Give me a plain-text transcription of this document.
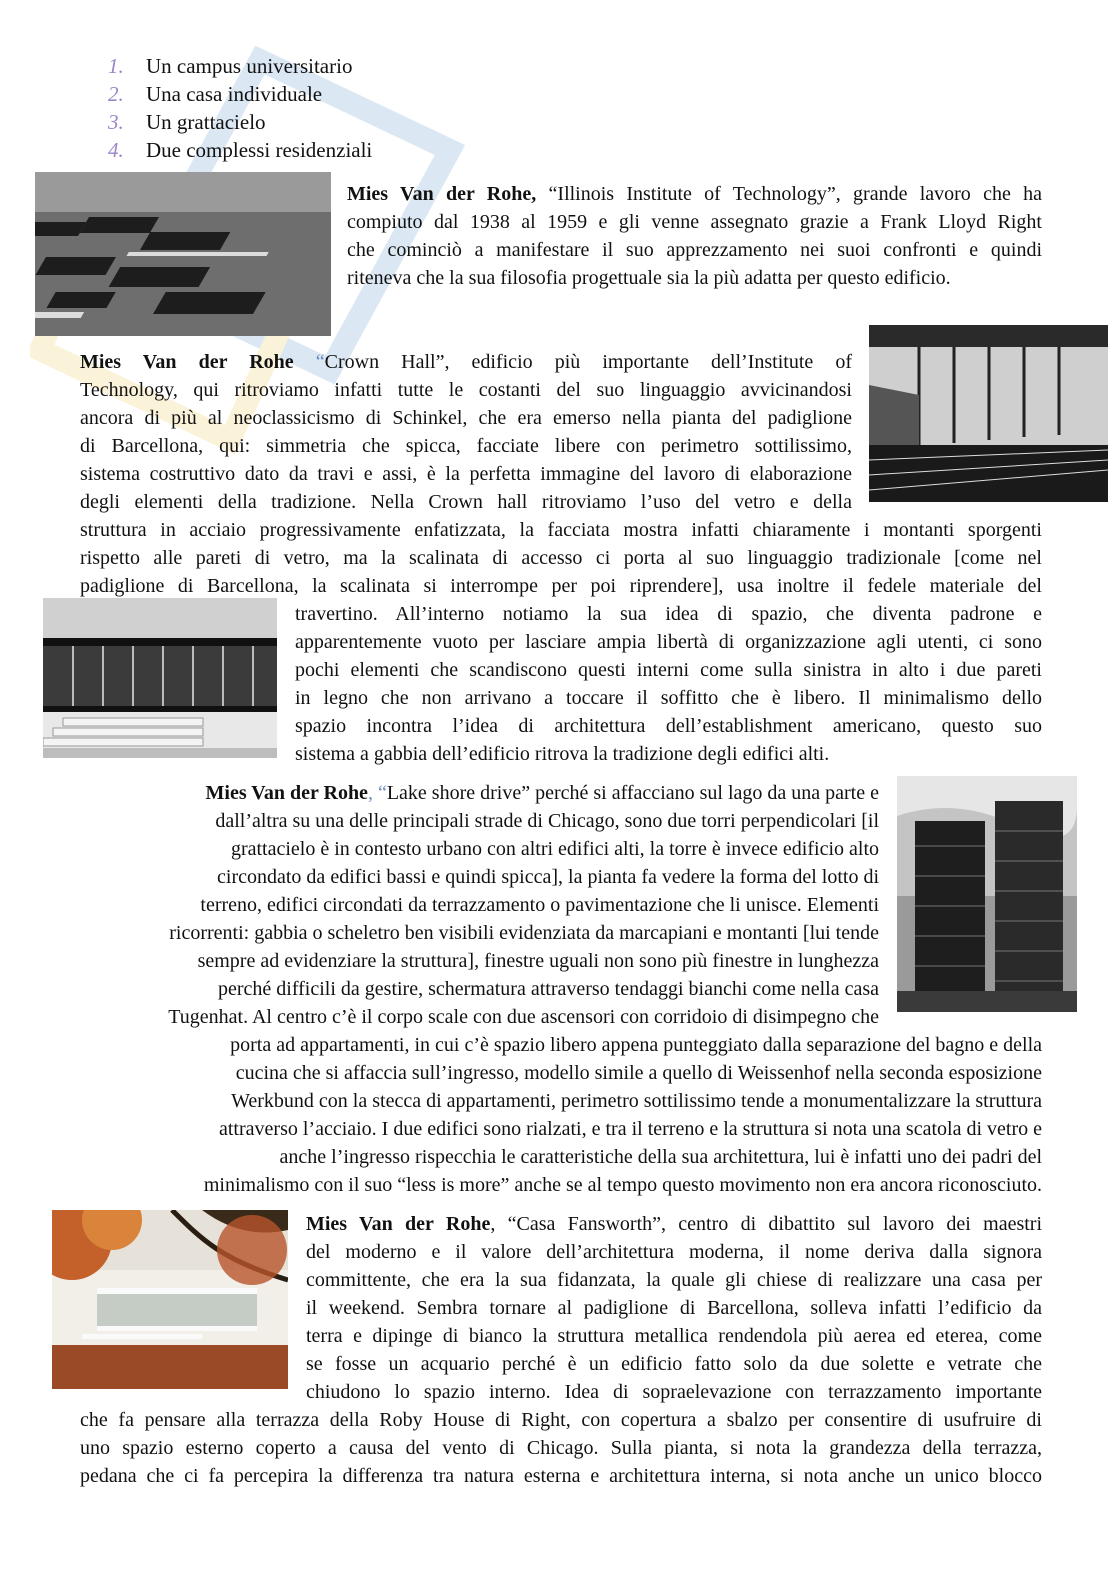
1.	Un campus universitario
2.	Una casa individuale
3.	Un grattacielo
4.	Due complessi residenziali

Mies Van der Rohe, “Illinois Institute of Technology”, grande lavoro che ha

compiuto dal 1938 al 1959 e gli venne assegnato grazie a Frank Lloyd Right

che cominciò a manifestare il suo apprezzamento nei suoi confronti e quindi

riteneva che la sua filosofia progettuale sia la più adatta per questo edificio.

Mies Van der Rohe “Crown Hall”, edificio più importante dell’Institute of

Technology, qui ritroviamo infatti tutte le costanti del suo linguaggio avvicinandosi

ancora di più al neoclassicismo di Schinkel, che era emerso nella pianta del padiglione

di Barcellona, qui: simmetria che spicca, facciate libere con perimetro sottilissimo,

sistema costruttivo dato da travi e assi, è la perfetta immagine del lavoro di elaborazione

degli elementi della tradizione. Nella Crown hall ritroviamo l’uso del vetro e della

struttura in acciaio progressivamente enfatizzata, la facciata mostra infatti chiaramente i montanti sporgenti

rispetto alle pareti di vetro, ma la scalinata di accesso ci porta al suo linguaggio tradizionale [come nel

padiglione di Barcellona, la scalinata si interrompe per poi riprendere], usa inoltre il fedele materiale del

travertino. All’interno notiamo la sua idea di spazio, che diventa padrone e

apparentemente vuoto per lasciare ampia libertà di organizzazione agli utenti, ci sono

pochi elementi che scandiscono questi interni come sulla sinistra in alto i due pareti

in legno che non arrivano a toccare il soffitto che è libero. Il minimalismo dello

spazio incontra l’idea di architettura dell’establishment americano, questo suo

sistema a gabbia dell’edificio ritrova la tradizione degli edifici alti.

Mies Van der Rohe, “Lake shore drive” perché si affacciano sul lago da una parte e

dall’altra su una delle principali strade di Chicago, sono due torri perpendicolari [il

grattacielo è in contesto urbano con altri edifici alti, la torre è invece edificio alto

circondato da edifici bassi e quindi spicca], la pianta fa vedere la forma del lotto di

terreno, edifici circondati da terrazzamento o pavimentazione che li unisce. Elementi

ricorrenti: gabbia o scheletro ben visibili evidenziata da marcapiani e montanti [lui tende

sempre ad evidenziare la struttura], finestre uguali non sono più finestre in lunghezza

perché difficili da gestire, schermatura attraverso tendaggi bianchi come nella casa

Tugenhat. Al centro c’è il corpo scale con due ascensori con corridoio di disimpegno che

porta ad appartamenti, in cui c’è spazio libero appena punteggiato dalla separazione del bagno e della

cucina che si affaccia sull’ingresso, modello simile a quello di Weissenhof nella seconda esposizione

Werkbund con la stecca di appartamenti, perimetro sottilissimo tende a monumentalizzare la struttura

attraverso l’acciaio. I due edifici sono rialzati, e tra il terreno e la struttura si nota una scatola di vetro e

anche l’ingresso rispecchia le caratteristiche della sua architettura, lui è infatti uno dei padri del

minimalismo con il suo “less is more” anche se al tempo questo movimento non era ancora riconosciuto.

Mies Van der Rohe, “Casa Fansworth”, centro di dibattito sul lavoro dei maestri

del moderno e il valore dell’architettura moderna, il nome deriva dalla signora

committente, che era la sua fidanzata, la quale gli chiese di realizzare una casa per

il weekend. Sembra tornare al padiglione di Barcellona, solleva infatti l’edificio da

terra e dipinge di bianco la struttura metallica rendendola più aerea ed eterea, come

se fosse un acquario perché è un edificio fatto solo da due solette e vetrate che

chiudono lo spazio interno. Idea di sopraelevazione con terrazzamento importante

che fa pensare alla terrazza della Roby House di Right, con copertura a sbalzo per consentire di usufruire di

uno spazio esterno coperto a causa del vento di Chicago. Sulla pianta, si nota la grandezza della terrazza,

pedana che ci fa percepira la differenza tra natura esterna e architettura interna, si nota anche un unico blocco
